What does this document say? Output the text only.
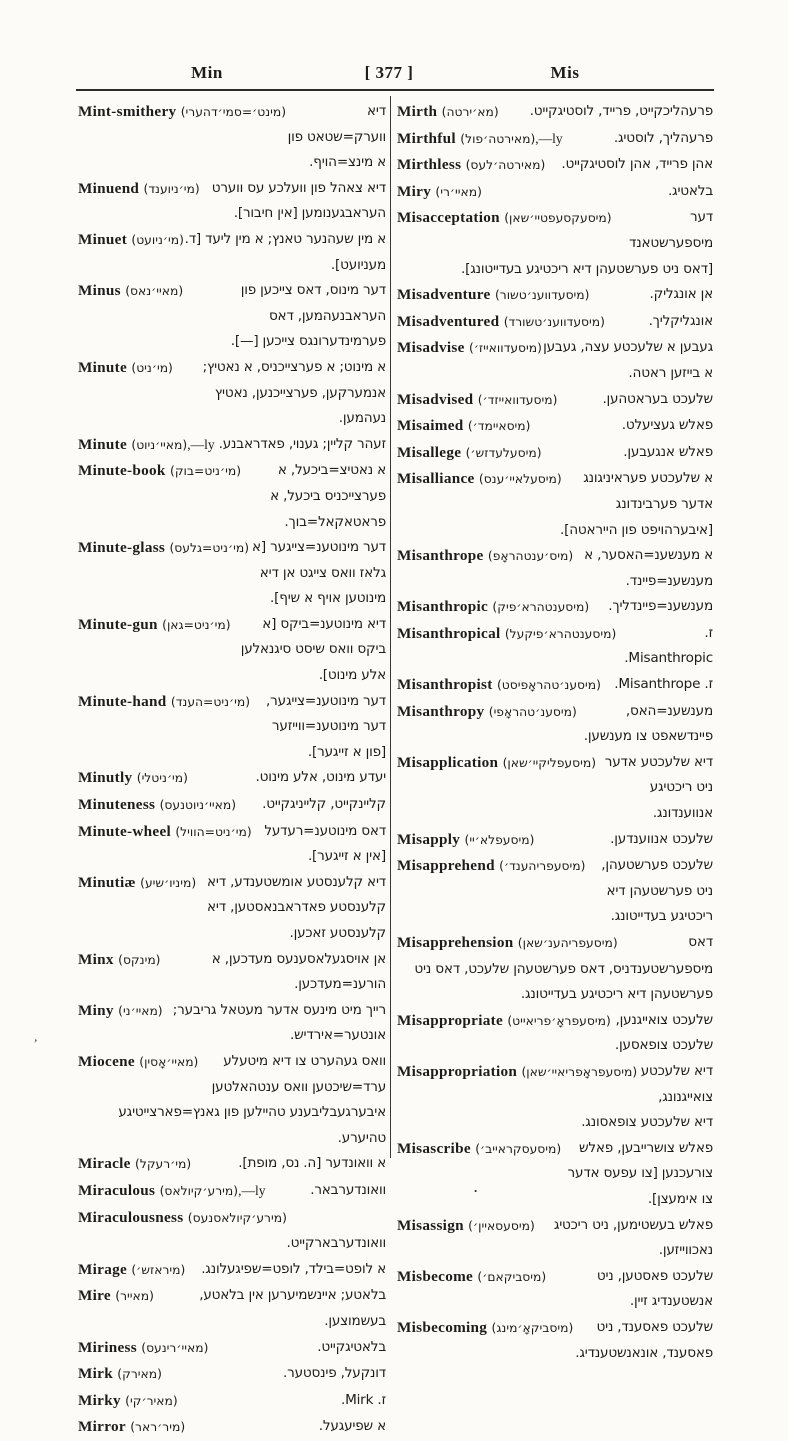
Min	[ 377 ]	Mis
Mint-smithery (מינט׳=סמי׳דהערי)	דיא ווערק=שטאט פון א מינצ=הויף.
Minuend (מי׳ניוענד) דיא צאהל פון וועלכע עס ווערט העראבגענומען [אין חיבור].
Minuet (מי׳ניועט) א מין שעהנער טאנץ; א מין ליעד [ד. מעניועט].
Minus (מאיי׳נאס)	דער מינוס, דאס צייכען פון העראבנעהמען, דאס פערמינדערונגס צייכען [—].
Minute (מי׳ניט) א מינוט; א פערצייכניס, א נאטיץ; אנמערקען, פערצייכנען, נאטיץ נעהמען.
Minute (מאיי׳ניוט),—ly זעהר קליין; גענוי, פאדראבנע.
Minute-book (מי׳ניט=בוק)	א נאטיצ=ביכעל, א פערצייכניס ביכעל, א פראטאקאל=בוך.
Minute-glass (מי׳ניט=גלעס) דער מינוטענ=צייגער [א גלאז וואס צייגט אן דיא מינוטען אויף א שיף].
Minute-gun (מי׳ניט=גאן) דיא מינוטענ=ביקס [א ביקס וואס שיסט סיגנאלען אלע מינוט].
Minute-hand (מי׳ניט=הענד) דער מינוטענ=צייגער, דער מינוטענ=ווייזער [פון א זייגער].
Minutly (מי׳ניטלי)	יעדע מינוט, אלע מינוט.
Minuteness (מאיי׳ניוטנעס) קליינקייט, קלייניגקייט.
Minute-wheel (מי׳ניט=הוויל) דאס מינוטענ=רעדעל [אין א זייגער].
Minutiæ (מיניו׳שיע) דיא קלענסטע אומשטענדע, דיא קלענסטע פאדראבנאסטען, דיא קלענסטע זאכען.
Minx (מינקס)	אן אויסגעלאסענעס מעדכען, א הורענ=מעדכען.
Miny (מאיי׳ני) רייך מיט מינעס אדער מעטאל גריבער; אונטער=אירדיש.
Miocene (מאיי׳אָסין) וואס געהערט צו דיא מיטעלע ערד=שיכטען וואס ענטהאלטען איבערגעבליבענע טהיילען פון גאנץ=פארצייטיגע טהיערע.
Miracle (מי׳רעקל)	א וואונדער [ה. נס, מופת].
Miraculous (מירע׳קיולאס),—ly	וואונדערבאר.
Miraculousness (מירע׳קיולאסנעס)
וואונדערבארקייט.
Mirage (מיראזש׳) א לופט=בילד, לופט=שפיגעלונג.
Mire (מאייר)	בלאטע; איינשמיערען אין בלאטע, בעשמוצען.
Miriness (מאיי׳רינעס)	בלאטיגקייט.
Mirk (מאירק)	דונקעל, פינסטער.
Mirky (מאיר׳קי)	ז. Mirk.
Mirror (מיר׳ראר)	א שפיעגעל.
Mirth (מא׳ירטה) פרעהליכקייט, פרייד, לוסטיגקייט.
Mirthful (מאירטה׳פול),—ly	פרעהליך, לוסטיג.
Mirthless (מאירטה׳לעס) אהן פרייד, אהן לוסטיגקייט.
Miry (מאיי׳רי)	בלאטיג.
Misacceptation (מיסעקסעפטיי׳שאן)	דער מיספערשטאנד [דאס ניט פערשטעהן דיא ריכטיגע בעדייטונג].
Misadventure (מיסעדווענ׳טשור)	אן אונגליק.
Misadventured (מיסעדווענ׳טשורד)	אונגליקליך.
Misadvise (מיסעדוואייז׳) געבען א שלעכטע עצה, געבען א בייזען ראטה.
Misadvised (מיסעדוואייזד׳)	שלעכט בעראטהען.
Misaimed (מיסאיימד׳)	פאלש געציעלט.
Misallege (מיסעלעדזש׳)	פאלש אנגעבען.
Misalliance (מיסעלאיי׳ענס) א שלעכטע פעראיניגונג אדער פערבינדונג [איבערהויפט פון הייראטה].
Misanthrope (מיס׳ענטהראָפ) א מענשענ=האסער, א מענשענ=פיינד.
Misanthropic (מיסענטהרא׳פיק) מענשענ=פיינדליך.
Misanthropical (מיסענטהרא׳פיקעל)	ז. Misanthropic.
Misanthropist (מיסענ׳טהראָפיסט) ז. Misanthrope.
Misanthropy (מיסענ׳טהראָפי)	מענשענ=האס, פיינדשאפט צו מענשען.
Misapplication (מיסעפליקיי׳שאן) דיא שלעכטע אדער ניט ריכטיגע אנווענדונג.
Misapply (מיסעפלא׳יי)	שלעכט אנווענדען.
Misapprehend (מיסעפריהענד׳) שלעכט פערשטעהן, ניט פערשטעהן דיא ריכטיגע בעדייטונג.
Misapprehension (מיסעפריהענ׳שאן)	דאס מיספערשטענדניס, דאס פערשטעהן שלעכט, דאס ניט פערשטעהן דיא ריכטיגע בעדייטונג.
Misappropriate (מיסעפראָ׳פריאייט) שלעכט צואייגנען, שלעכט צופאסען.
Misappropriation (מיסעפראָפריאיי׳שאן) דיא שלעכטע צואייגנונג, דיא שלעכטע צופאסונג.
Misascribe (מיסעסקראייב׳) פאלש צושרייבען, פאלש צורעכנען [צו עפעס אדער צו אימעצן].
Misassign (מיסעסאיין׳) פאלש בעשטימען, ניט ריכטיג נאכווייזען.
Misbecome (מיסביקאם׳)	שלעכט פאסטען, ניט אנשטענדיג זיין.
Misbecoming (מיסביקאָ׳מינג) שלעכט פאסענד, ניט פאסענד, אונאנשטענדיג.
ʼ
.
